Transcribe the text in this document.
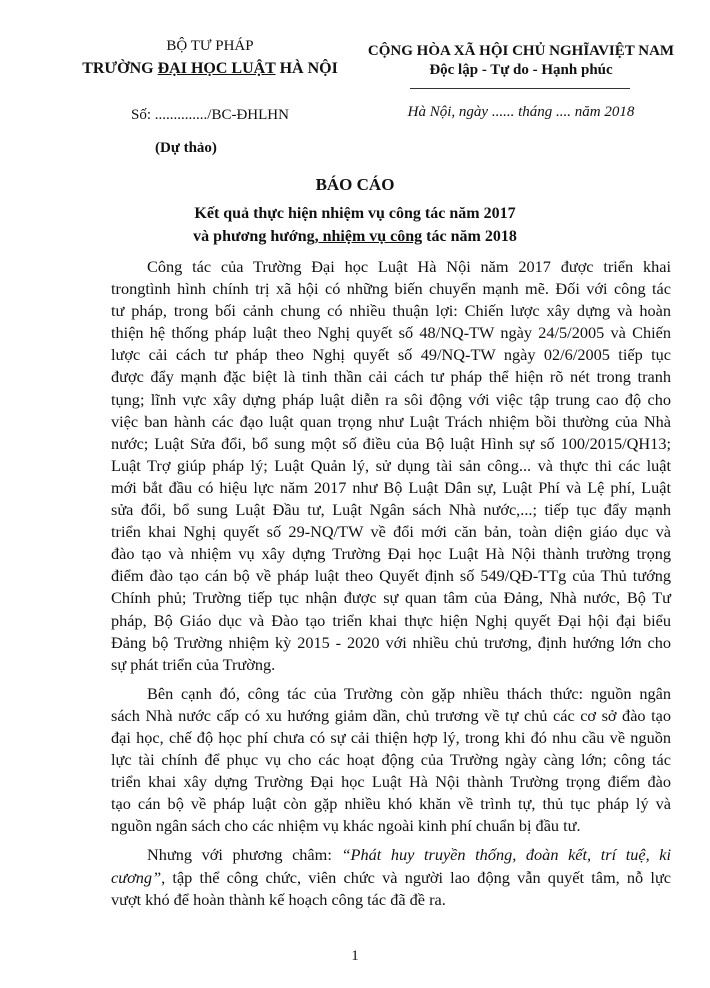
BỘ TƯ PHÁP
TRƯỜNG ĐẠI HỌC LUẬT HÀ NỘI
Số: ............../BC-ĐHLHN
(Dự thảo)
CỘNG HÒA XÃ HỘI CHỦ NGHĨAVIỆT NAM
Độc lập - Tự do - Hạnh phúc
Hà Nội, ngày ...... tháng .... năm 2018
BÁO CÁO
Kết quả thực hiện nhiệm vụ công tác năm 2017
và phương hướng, nhiệm vụ công tác năm 2018
Công tác của Trường Đại học Luật Hà Nội năm 2017 được triển khai
trongtình hình chính trị xã hội có những biến chuyển mạnh mẽ. Đối với công tác
tư pháp, trong bối cảnh chung có nhiều thuận lợi: Chiến lược xây dựng và hoàn
thiện hệ thống pháp luật theo Nghị quyết số 48/NQ-TW ngày 24/5/2005 và Chiến
lược cải cách tư pháp theo Nghị quyết số 49/NQ-TW ngày 02/6/2005 tiếp tục
được đẩy mạnh đặc biệt là tinh thần cải cách tư pháp thể hiện rõ nét trong tranh
tụng; lĩnh vực xây dựng pháp luật diễn ra sôi động với việc tập trung cao độ cho
việc ban hành các đạo luật quan trọng như Luật Trách nhiệm bồi thường của Nhà
nước; Luật Sửa đổi, bổ sung một số điều của Bộ luật Hình sự số 100/2015/QH13;
Luật Trợ giúp pháp lý; Luật Quản lý, sử dụng tài sản công... và thực thi các luật
mới bắt đầu có hiệu lực năm 2017 như Bộ Luật Dân sự, Luật Phí và Lệ phí, Luật
sửa đổi, bổ sung Luật Đầu tư, Luật Ngân sách Nhà nước,...; tiếp tục đẩy mạnh
triển khai Nghị quyết số 29-NQ/TW về đổi mới căn bản, toàn diện giáo dục và
đào tạo và nhiệm vụ xây dựng Trường Đại học Luật Hà Nội thành trường trọng
điểm đào tạo cán bộ về pháp luật theo Quyết định số 549/QĐ-TTg của Thủ tướng
Chính phủ; Trường tiếp tục nhận được sự quan tâm của Đảng, Nhà nước, Bộ Tư
pháp, Bộ Giáo dục và Đào tạo triển khai thực hiện Nghị quyết Đại hội đại biểu
Đảng bộ Trường nhiệm kỳ 2015 - 2020 với nhiều chủ trương, định hướng lớn cho
sự phát triển của Trường.
Bên cạnh đó, công tác của Trường còn gặp nhiều thách thức: nguồn ngân
sách Nhà nước cấp có xu hướng giảm dần, chủ trương về tự chủ các cơ sở đào tạo
đại học, chế độ học phí chưa có sự cải thiện hợp lý, trong khi đó nhu cầu về nguồn
lực tài chính để phục vụ cho các hoạt động của Trường ngày càng lớn; công tác
triển khai xây dựng Trường Đại học Luật Hà Nội thành Trường trọng điểm đào
tạo cán bộ về pháp luật còn gặp nhiều khó khăn về trình tự, thủ tục pháp lý và
nguồn ngân sách cho các nhiệm vụ khác ngoài kinh phí chuẩn bị đầu tư.
Nhưng với phương châm: “Phát huy truyền thống, đoàn kết, trí tuệ, ki
cương”, tập thể công chức, viên chức và người lao động vẫn quyết tâm, nỗ lực
vượt khó để hoàn thành kế hoạch công tác đã đề ra.
1
